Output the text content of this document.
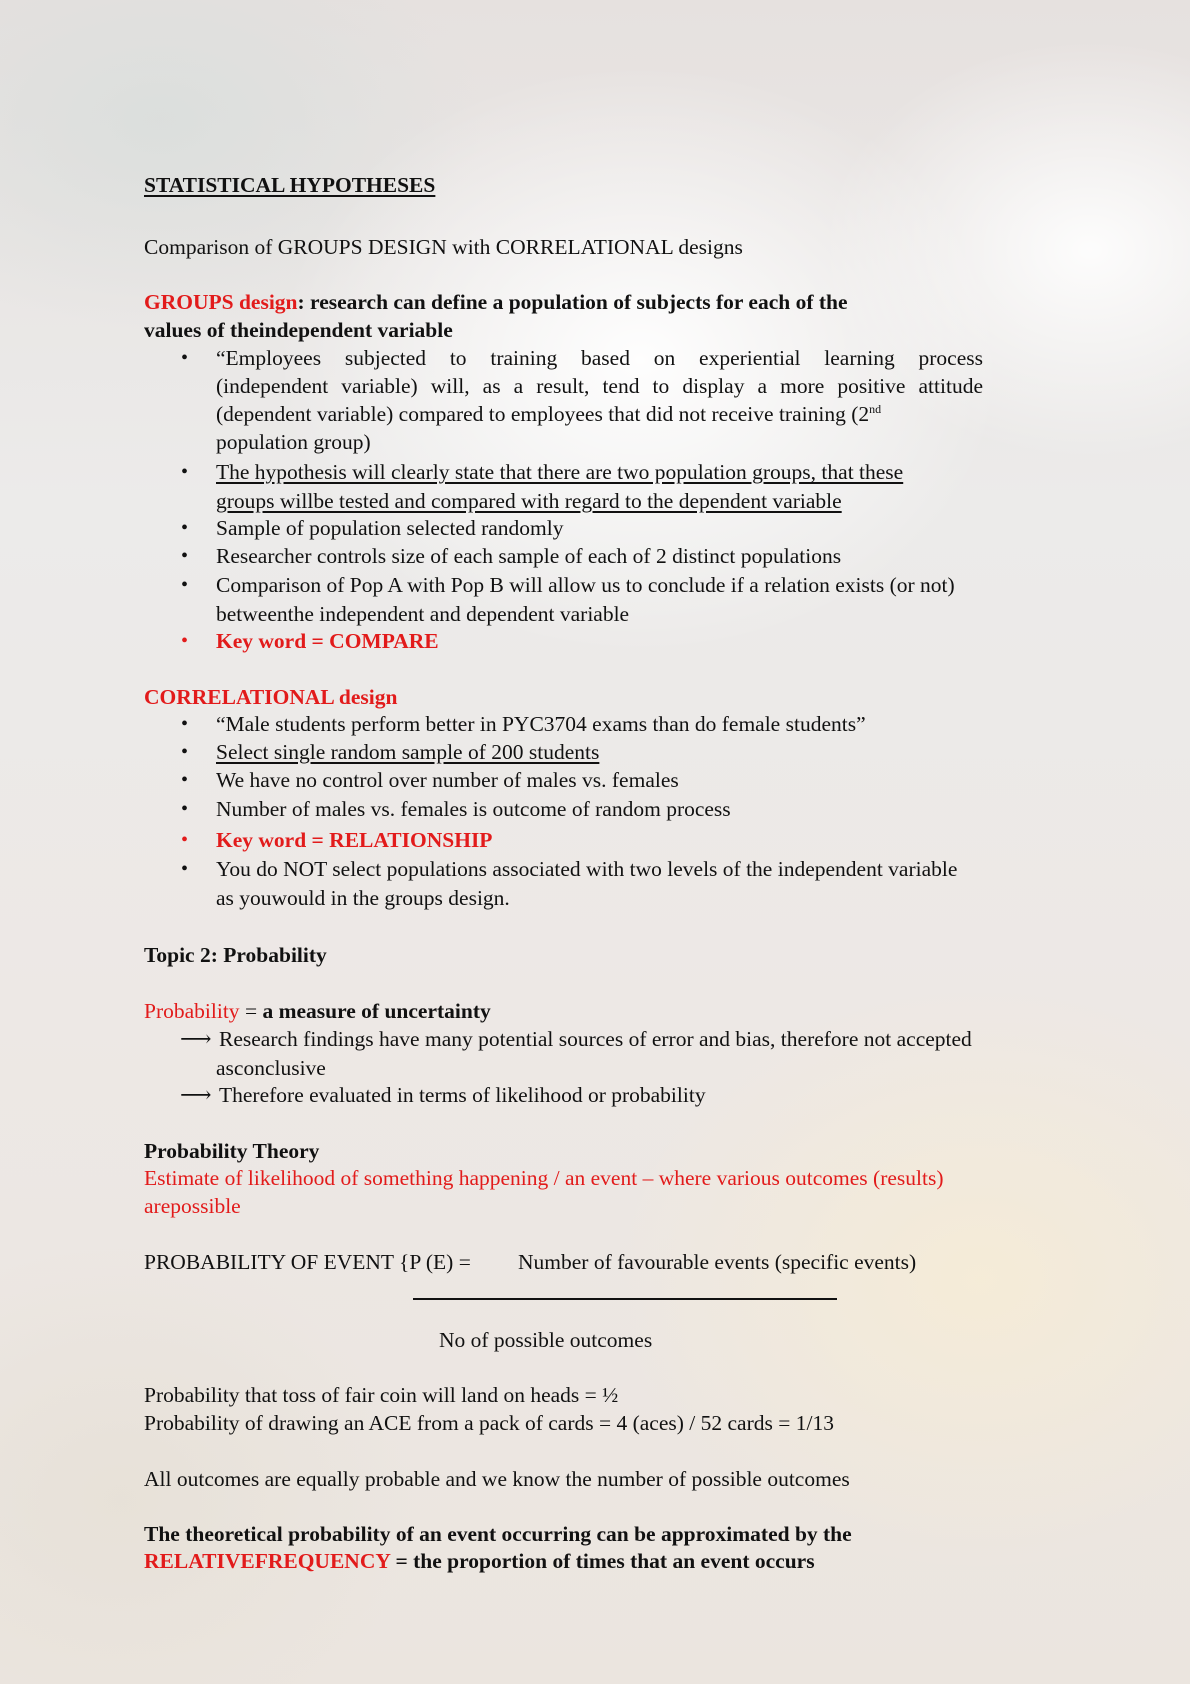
STATISTICAL HYPOTHESES
Comparison of GROUPS DESIGN with CORRELATIONAL designs
GROUPS design: research can define a population of subjects for each of the
values of theindependent variable
• “Employees subjected to training based on experiential learning process
(independent variable) will, as a result, tend to display a more positive attitude
(dependent variable) compared to employees that did not receive training (2nd
population group)
• The hypothesis will clearly state that there are two population groups, that these
groups willbe tested and compared with regard to the dependent variable
• Sample of population selected randomly
• Researcher controls size of each sample of each of 2 distinct populations
• Comparison of Pop A with Pop B will allow us to conclude if a relation exists (or not)
betweenthe independent and dependent variable
• Key word = COMPARE
CORRELATIONAL design
• “Male students perform better in PYC3704 exams than do female students”
• Select single random sample of 200 students
• We have no control over number of males vs. females
• Number of males vs. females is outcome of random process
• Key word = RELATIONSHIP
• You do NOT select populations associated with two levels of the independent variable
as youwould in the groups design.
Topic 2: Probability
Probability = a measure of uncertainty
⟶ Research findings have many potential sources of error and bias, therefore not accepted
asconclusive
⟶ Therefore evaluated in terms of likelihood or probability
Probability Theory
Estimate of likelihood of something happening / an event – where various outcomes (results)
arepossible
PROBABILITY OF EVENT {P (E) = Number of favourable events (specific events)
No of possible outcomes
Probability that toss of fair coin will land on heads = ½
Probability of drawing an ACE from a pack of cards = 4 (aces) / 52 cards = 1/13
All outcomes are equally probable and we know the number of possible outcomes
The theoretical probability of an event occurring can be approximated by the
RELATIVEFREQUENCY = the proportion of times that an event occurs
